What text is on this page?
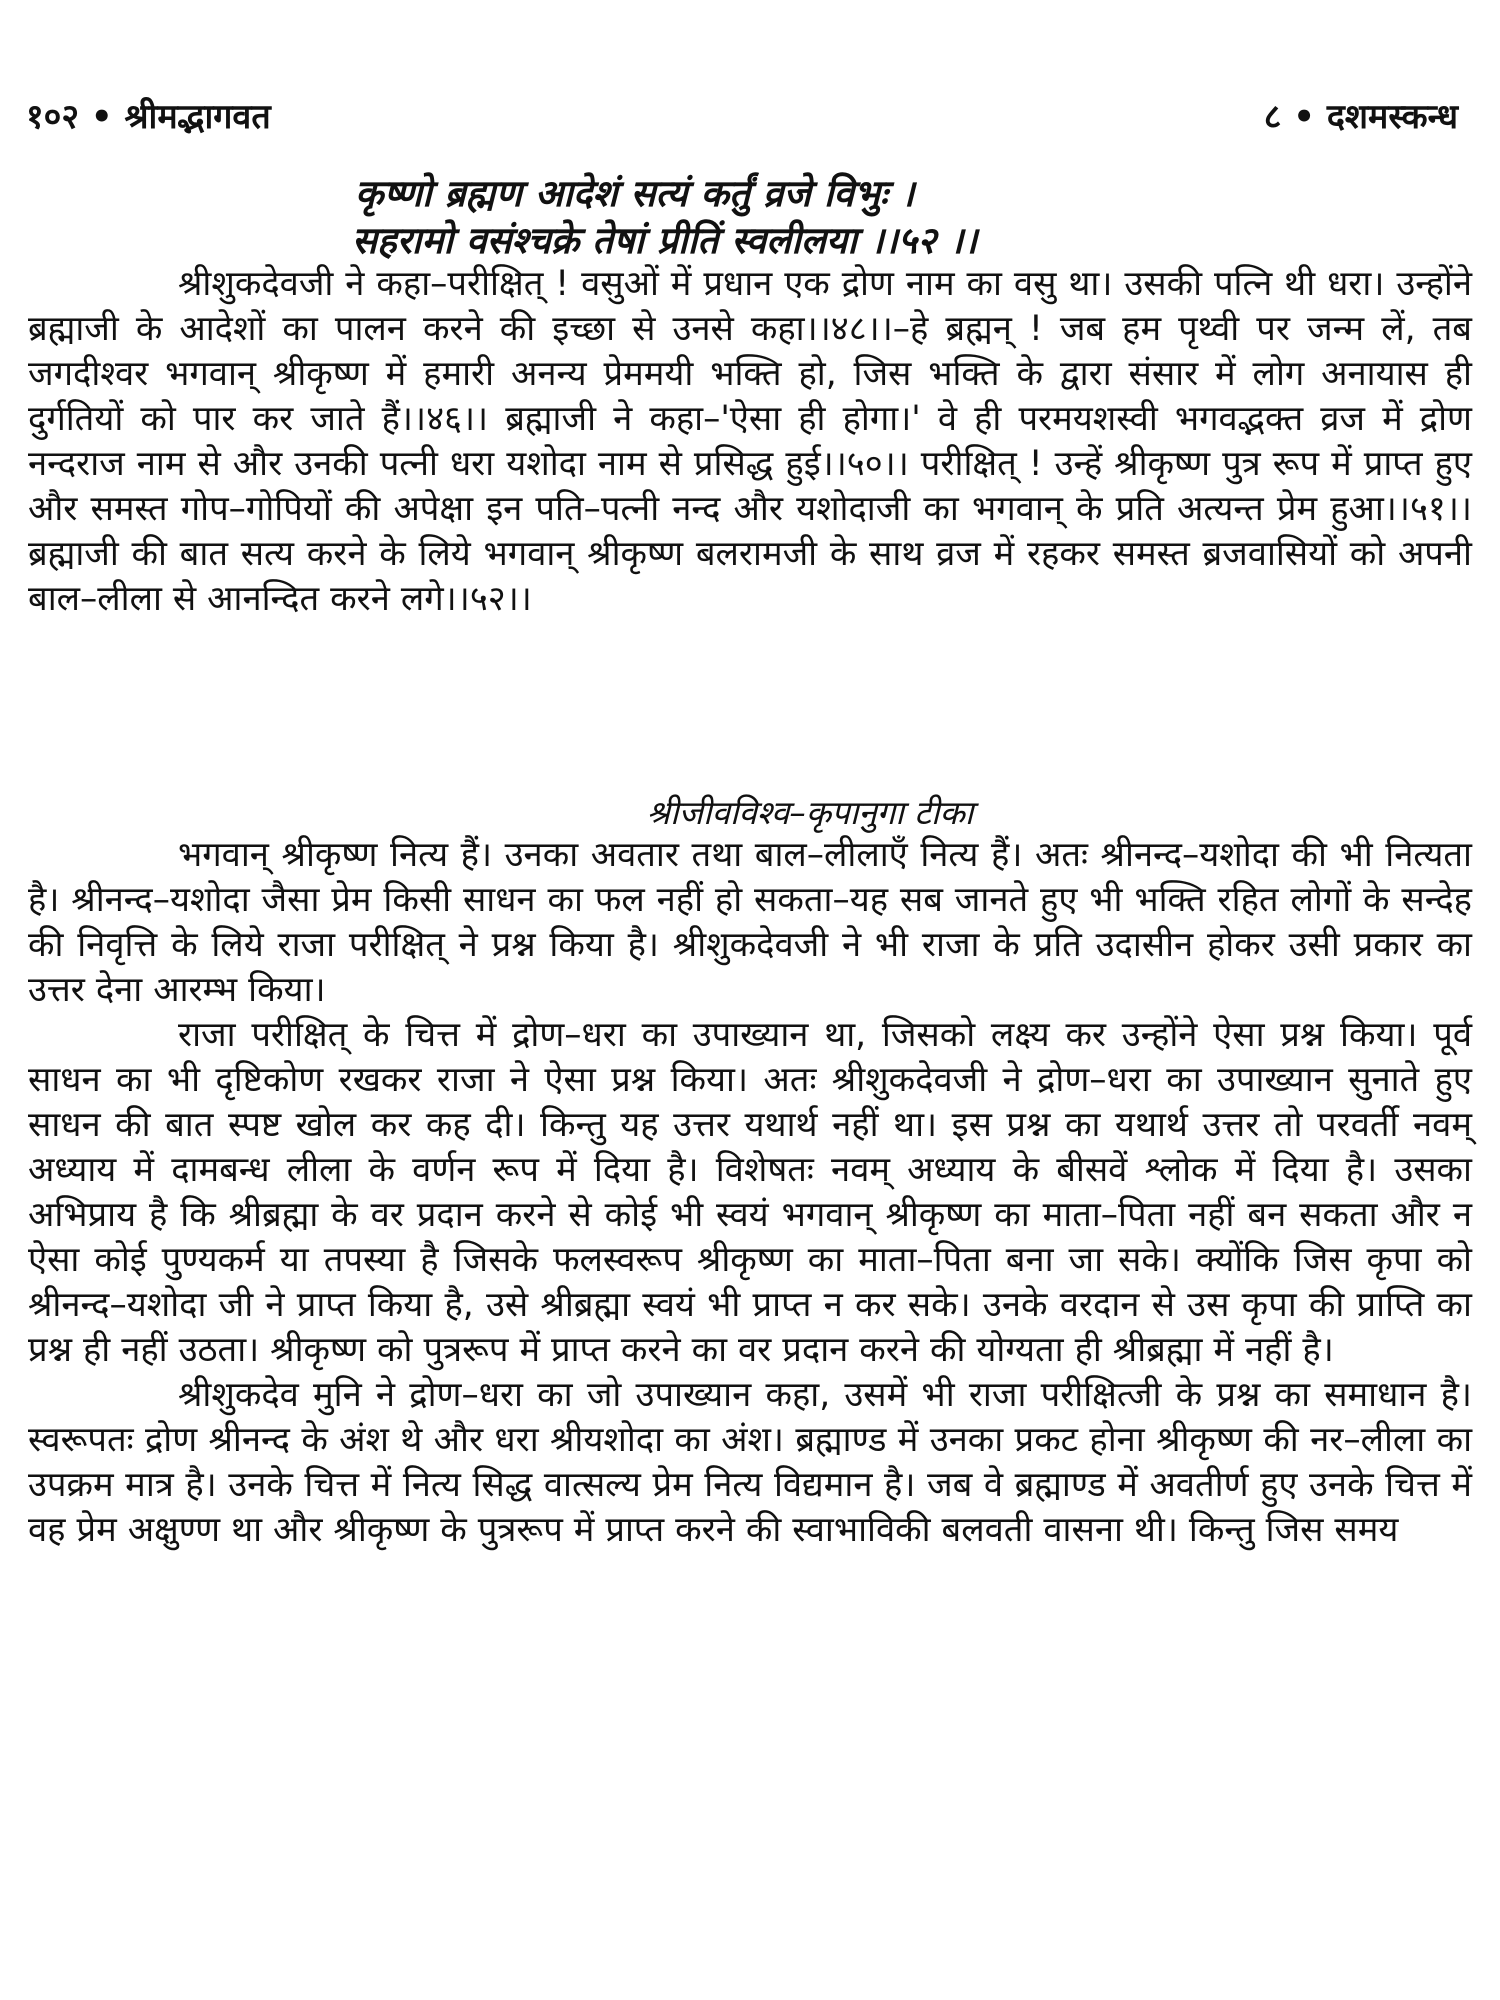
१०२ • श्रीमद्भागवत	८ • दशमस्कन्ध
कृष्णो ब्रह्मण आदेशं सत्यं कर्तुं व्रजे विभुः ।
सहरामो वसंश्चक्रे तेषां प्रीतिं स्वलीलया ।।५२ ।।

श्रीशुकदेवजी ने कहा–परीक्षित् ! वसुओं में प्रधान एक द्रोण नाम का वसु था। उसकी पत्नि थी धरा। उन्होंने ब्रह्माजी के आदेशों का पालन करने की इच्छा से उनसे कहा।।४८।।–हे ब्रह्मन् ! जब हम पृथ्वी पर जन्म लें, तब जगदीश्वर भगवान् श्रीकृष्ण में हमारी अनन्य प्रेममयी भक्ति हो, जिस भक्ति के द्वारा संसार में लोग अनायास ही दुर्गतियों को पार कर जाते हैं।।४६।। ब्रह्माजी ने कहा–'ऐसा ही होगा।' वे ही परमयशस्वी भगवद्भक्त व्रज में द्रोण नन्दराज नाम से और उनकी पत्नी धरा यशोदा नाम से प्रसिद्ध हुई।।५०।। परीक्षित् ! उन्हें श्रीकृष्ण पुत्र रूप में प्राप्त हुए और समस्त गोप–गोपियों की अपेक्षा इन पति–पत्नी नन्द और यशोदाजी का भगवान् के प्रति अत्यन्त प्रेम हुआ।।५१।। ब्रह्माजी की बात सत्य करने के लिये भगवान् श्रीकृष्ण बलरामजी के साथ व्रज में रहकर समस्त ब्रजवासियों को अपनी बाल–लीला से आनन्दित करने लगे।।५२।।

श्रीजीवविश्व–कृपानुगा टीका

भगवान् श्रीकृष्ण नित्य हैं। उनका अवतार तथा बाल–लीलाएँ नित्य हैं। अतः श्रीनन्द–यशोदा की भी नित्यता है। श्रीनन्द–यशोदा जैसा प्रेम किसी साधन का फल नहीं हो सकता–यह सब जानते हुए भी भक्ति रहित लोगों के सन्देह की निवृत्ति के लिये राजा परीक्षित् ने प्रश्न किया है। श्रीशुकदेवजी ने भी राजा के प्रति उदासीन होकर उसी प्रकार का उत्तर देना आरम्भ किया।

राजा परीक्षित् के चित्त में द्रोण–धरा का उपाख्यान था, जिसको लक्ष्य कर उन्होंने ऐसा प्रश्न किया। पूर्व साधन का भी दृष्टिकोण रखकर राजा ने ऐसा प्रश्न किया। अतः श्रीशुकदेवजी ने द्रोण–धरा का उपाख्यान सुनाते हुए साधन की बात स्पष्ट खोल कर कह दी। किन्तु यह उत्तर यथार्थ नहीं था। इस प्रश्न का यथार्थ उत्तर तो परवर्ती नवम् अध्याय में दामबन्ध लीला के वर्णन रूप में दिया है। विशेषतः नवम् अध्याय के बीसवें श्लोक में दिया है। उसका अभिप्राय है कि श्रीब्रह्मा के वर प्रदान करने से कोई भी स्वयं भगवान् श्रीकृष्ण का माता–पिता नहीं बन सकता और न ऐसा कोई पुण्यकर्म या तपस्या है जिसके फलस्वरूप श्रीकृष्ण का माता–पिता बना जा सके। क्योंकि जिस कृपा को श्रीनन्द–यशोदा जी ने प्राप्त किया है, उसे श्रीब्रह्मा स्वयं भी प्राप्त न कर सके। उनके वरदान से उस कृपा की प्राप्ति का प्रश्न ही नहीं उठता। श्रीकृष्ण को पुत्ररूप में प्राप्त करने का वर प्रदान करने की योग्यता ही श्रीब्रह्मा में नहीं है।

श्रीशुकदेव मुनि ने द्रोण–धरा का जो उपाख्यान कहा, उसमें भी राजा परीक्षित्जी के प्रश्न का समाधान है। स्वरूपतः द्रोण श्रीनन्द के अंश थे और धरा श्रीयशोदा का अंश। ब्रह्माण्ड में उनका प्रकट होना श्रीकृष्ण की नर–लीला का उपक्रम मात्र है। उनके चित्त में नित्य सिद्ध वात्सल्य प्रेम नित्य विद्यमान है। जब वे ब्रह्माण्ड में अवतीर्ण हुए उनके चित्त में वह प्रेम अक्षुण्ण था और श्रीकृष्ण के पुत्ररूप में प्राप्त करने की स्वाभाविकी बलवती वासना थी। किन्तु जिस समय
